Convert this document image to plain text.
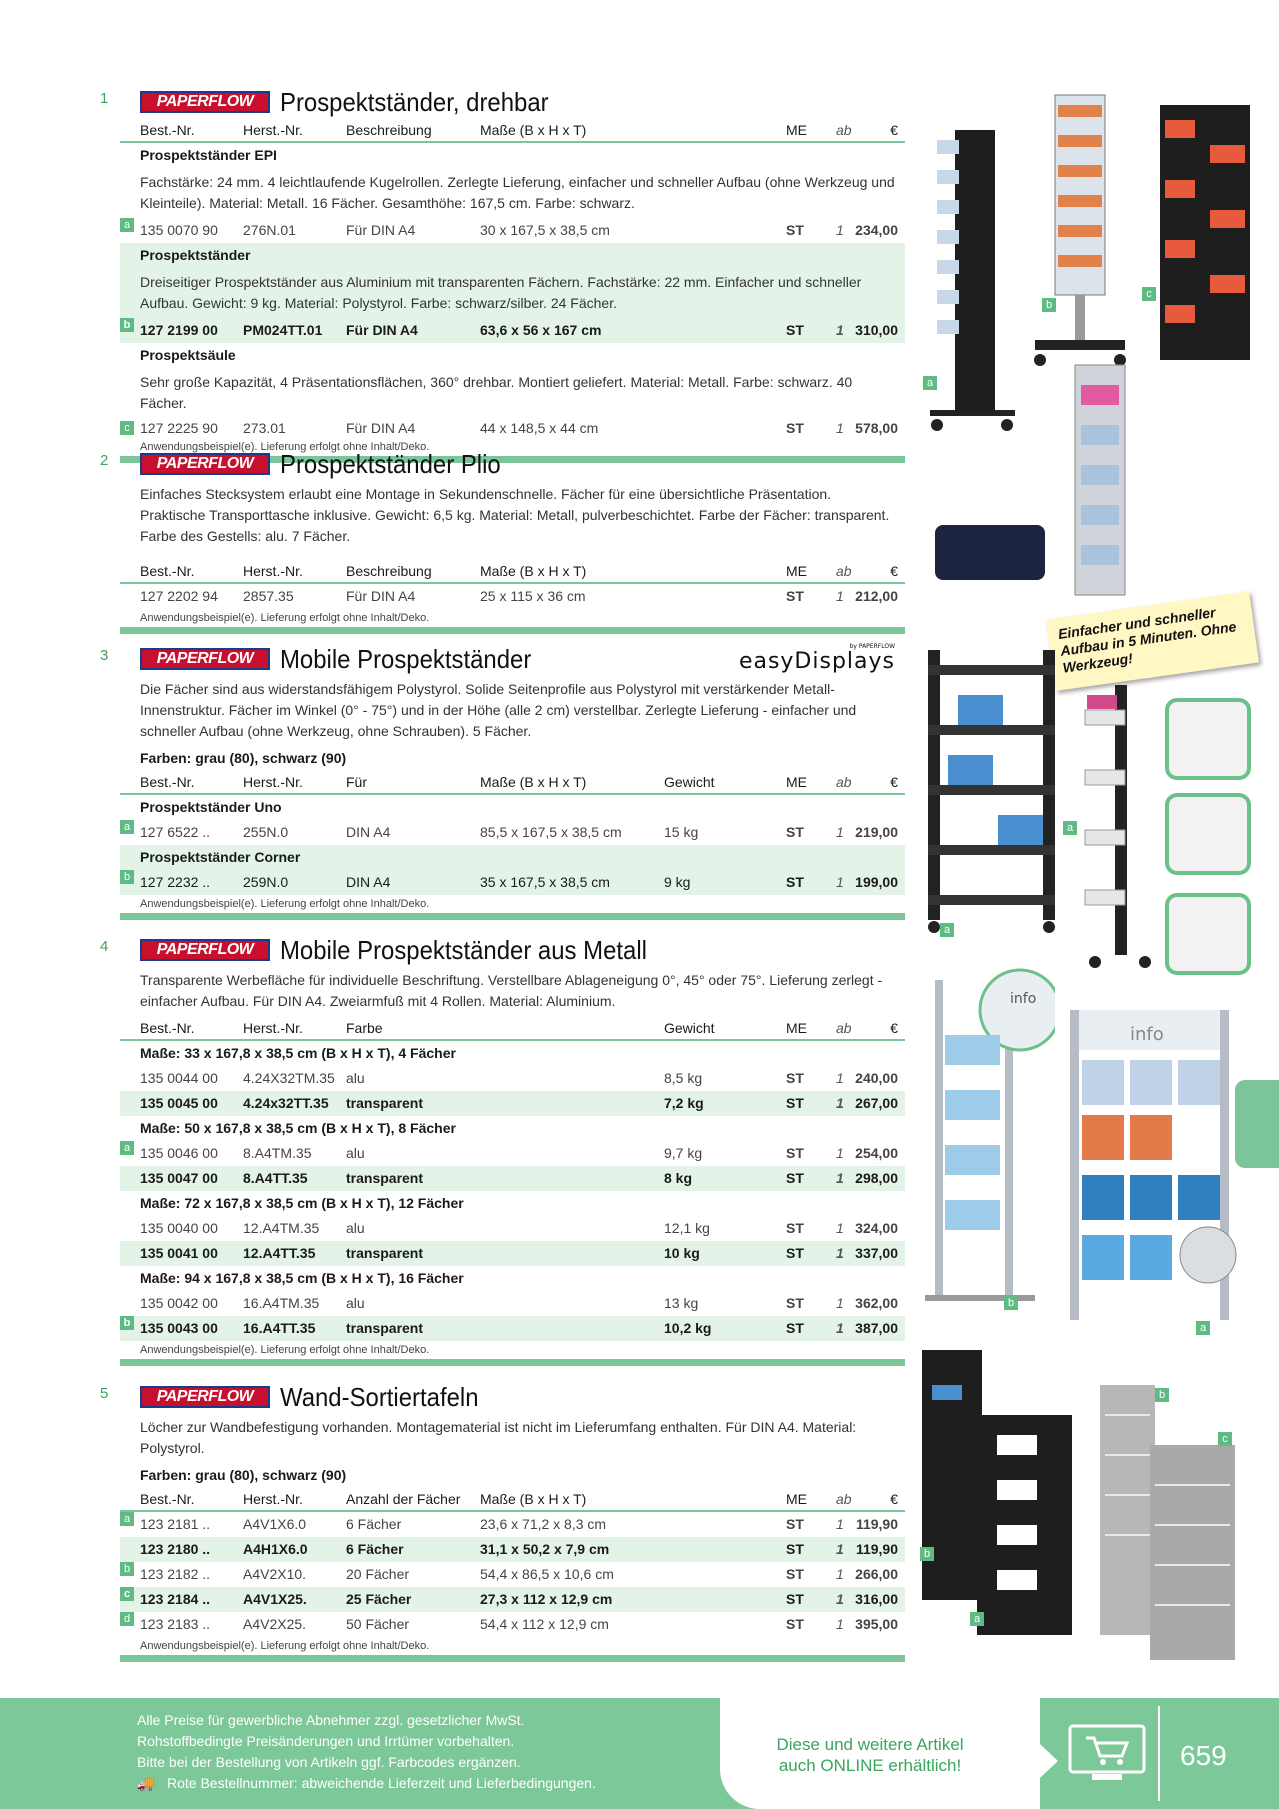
1	PAPERFLOW	Prospektständer, drehbar
Best.-Nr.	Herst.-Nr.	Beschreibung	Maße (B x H x T)	ME ab	€
Prospektständer EPI
Fachstärke: 24 mm. 4 leichtlaufende Kugelrollen. Zerlegte Lieferung, einfacher und schneller Aufbau (ohne Werkzeug und Kleinteile). Material: Metall. 16 Fächer. Gesamthöhe: 167,5 cm. Farbe: schwarz.
a 135 0070 90 276N.01	Für DIN A4	30 x 167,5 x 38,5 cm	ST 1 234,00
Prospektständer
Dreiseitiger Prospektständer aus Aluminium mit transparenten Fächern. Fachstärke: 22 mm. Einfacher und schneller Aufbau. Gewicht: 9 kg. Material: Polystyrol. Farbe: schwarz/silber. 24 Fächer.
b 127 2199 00 PM024TT.01 Für DIN A4	63,6 x 56 x 167 cm	ST 1 310,00
Prospektsäule
Sehr große Kapazität, 4 Präsentationsflächen, 360° drehbar. Montiert geliefert. Material: Metall. Farbe: schwarz. 40 Fächer.
c 127 2225 90 273.01	Für DIN A4	44 x 148,5 x 44 cm	ST 1 578,00
Anwendungsbeispiel(e). Lieferung erfolgt ohne Inhalt/Deko.
2	PAPERFLOW	Prospektständer Plio
Einfaches Stecksystem erlaubt eine Montage in Sekundenschnelle. Fächer für eine übersichtliche Präsentation. Praktische Transporttasche inklusive. Gewicht: 6,5 kg. Material: Metall, pulverbeschichtet. Farbe der Fächer: transparent. Farbe des Gestells: alu. 7 Fächer.
Best.-Nr.	Herst.-Nr.	Beschreibung	Maße (B x H x T)	ME ab	€
127 2202 94 2857.35	Für DIN A4	25 x 115 x 36 cm	ST 1 212,00
Anwendungsbeispiel(e). Lieferung erfolgt ohne Inhalt/Deko.
3	PAPERFLOW	Mobile Prospektständer	by PAPERFLOW
easyDisplays
Die Fächer sind aus widerstandsfähigem Polystyrol. Solide Seitenprofile aus Polystyrol mit verstärkender Metall-Innenstruktur. Fächer im Winkel (0° - 75°) und in der Höhe (alle 2 cm) verstellbar. Zerlegte Lieferung - einfacher und schneller Aufbau (ohne Werkzeug, ohne Schrauben). 5 Fächer.
Farben: grau (80), schwarz (90)
Best.-Nr.	Herst.-Nr.	Für	Maße (B x H x T)	Gewicht	ME ab	€
Prospektständer Uno
a 127 6522 .. 255N.0	DIN A4	85,5 x 167,5 x 38,5 cm	15 kg	ST 1 219,00
Prospektständer Corner
b 127 2232 .. 259N.0	DIN A4	35 x 167,5 x 38,5 cm	9 kg	ST 1 199,00
Anwendungsbeispiel(e). Lieferung erfolgt ohne Inhalt/Deko.
4	PAPERFLOW	Mobile Prospektständer aus Metall
Transparente Werbefläche für individuelle Beschriftung. Verstellbare Ablageneigung 0°, 45° oder 75°. Lieferung zerlegt - einfacher Aufbau. Für DIN A4. Zweiarmfuß mit 4 Rollen. Material: Aluminium.
Best.-Nr.	Herst.-Nr.	Farbe	Gewicht	ME ab	€
Maße: 33 x 167,8 x 38,5 cm (B x H x T), 4 Fächer
135 0044 00 4.24X32TM.35 alu	8,5 kg	ST 1 240,00
135 0045 00 4.24x32TT.35 transparent	7,2 kg	ST 1 267,00
Maße: 50 x 167,8 x 38,5 cm (B x H x T), 8 Fächer
a 135 0046 00 8.A4TM.35 alu	9,7 kg	ST 1 254,00
135 0047 00 8.A4TT.35	transparent	8 kg	ST 1 298,00
Maße: 72 x 167,8 x 38,5 cm (B x H x T), 12 Fächer
135 0040 00 12.A4TM.35 alu	12,1 kg	ST 1 324,00
135 0041 00 12.A4TT.35 transparent	10 kg	ST 1 337,00
Maße: 94 x 167,8 x 38,5 cm (B x H x T), 16 Fächer
135 0042 00 16.A4TM.35 alu	13 kg	ST 1 362,00
b 135 0043 00 16.A4TT.35 transparent	10,2 kg	ST 1 387,00
Anwendungsbeispiel(e). Lieferung erfolgt ohne Inhalt/Deko.
5	PAPERFLOW	Wand-Sortiertafeln
Löcher zur Wandbefestigung vorhanden. Montagematerial ist nicht im Lieferumfang enthalten. Für DIN A4. Material: Polystyrol.
Farben: grau (80), schwarz (90)
Best.-Nr.	Herst.-Nr.	Anzahl der Fächer Maße (B x H x T)	ME ab	€
a 123 2181 .. A4V1X6.0	6 Fächer	23,6 x 71,2 x 8,3 cm	ST 1 119,90
123 2180 .. A4H1X6.0	6 Fächer	31,1 x 50,2 x 7,9 cm	ST 1 119,90
b 123 2182 .. A4V2X10.	20 Fächer	54,4 x 86,5 x 10,6 cm	ST 1 266,00
c 123 2184 .. A4V1X25.	25 Fächer	27,3 x 112 x 12,9 cm	ST 1 316,00
d 123 2183 .. A4V2X25.	50 Fächer	54,4 x 112 x 12,9 cm	ST 1 395,00
Anwendungsbeispiel(e). Lieferung erfolgt ohne Inhalt/Deko.
a
b
c
Einfacher und schneller Aufbau in 5 Minuten. Ohne Werkzeug!
a
a
info
b
info
a
b
a
b
c
Alle Preise für gewerbliche Abnehmer zzgl. gesetzlicher MwSt.
Rohstoffbedingte Preisänderungen und Irrtümer vorbehalten.
Bitte bei der Bestellung von Artikeln ggf. Farbcodes ergänzen.
🚚 Rote Bestellnummer: abweichende Lieferzeit und Lieferbedingungen.
Diese und weitere Artikel
auch ONLINE erhältlich!	659
